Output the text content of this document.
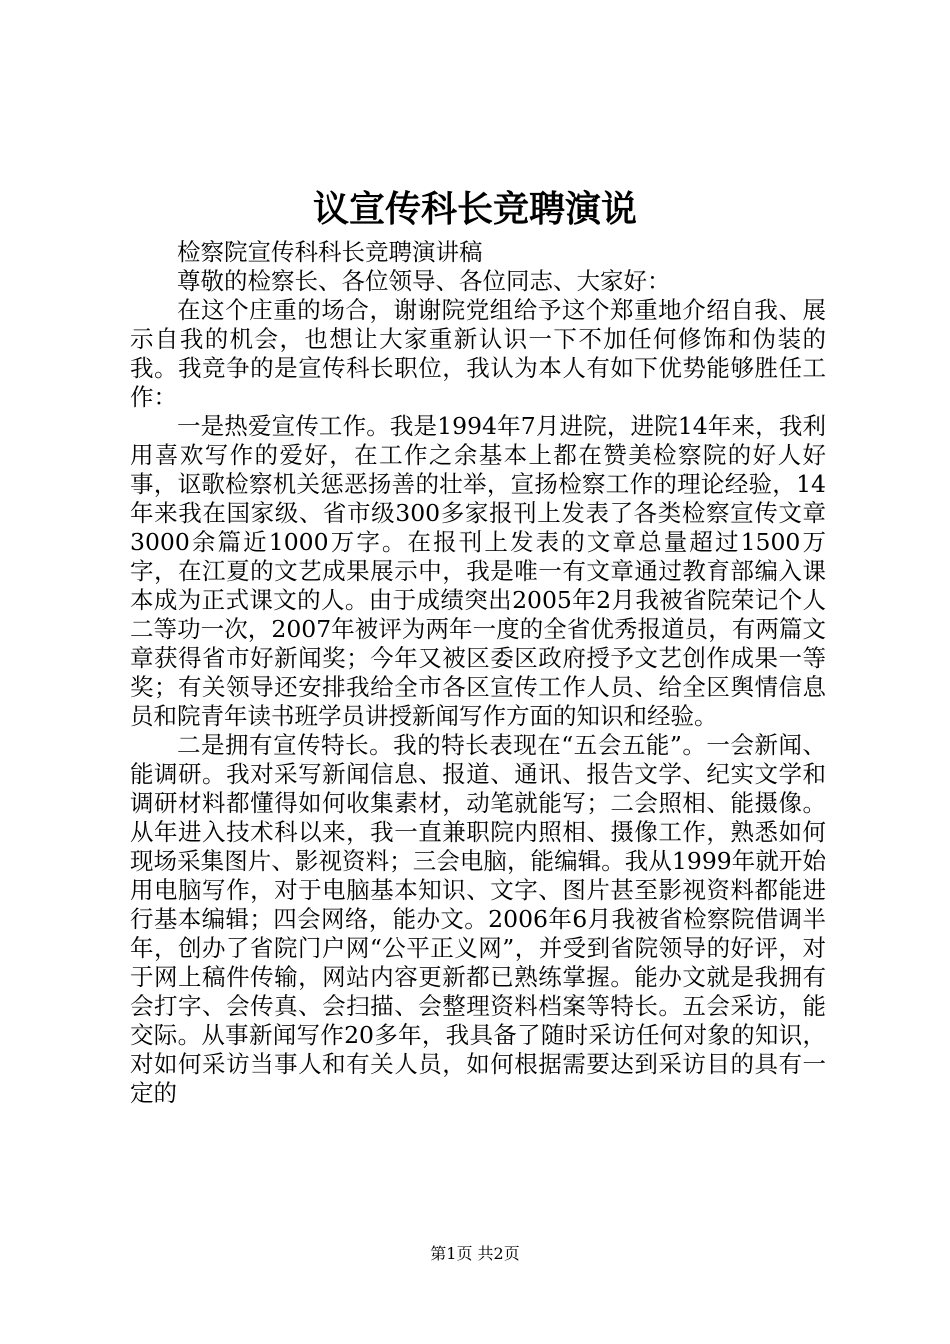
议宣传科长竞聘演说

检察院宣传科科长竞聘演讲稿

尊敬的检察长、各位领导、各位同志、大家好：

在这个庄重的场合，谢谢院党组给予这个郑重地介绍自我、展示自我的机会，也想让大家重新认识一下不加任何修饰和伪装的我。我竞争的是宣传科长职位，我认为本人有如下优势能够胜任工作：

一是热爱宣传工作。我是1994年7月进院，进院14年来，我利用喜欢写作的爱好，在工作之余基本上都在赞美检察院的好人好事，讴歌检察机关惩恶扬善的壮举，宣扬检察工作的理论经验，14年来我在国家级、省市级300多家报刊上发表了各类检察宣传文章3000余篇近1000万字。在报刊上发表的文章总量超过1500万字，在江夏的文艺成果展示中，我是唯一有文章通过教育部编入课本成为正式课文的人。由于成绩突出2005年2月我被省院荣记个人二等功一次，2007年被评为两年一度的全省优秀报道员，有两篇文章获得省市好新闻奖；今年又被区委区政府授予文艺创作成果一等奖；有关领导还安排我给全市各区宣传工作人员、给全区舆情信息员和院青年读书班学员讲授新闻写作方面的知识和经验。

二是拥有宣传特长。我的特长表现在“五会五能”。一会新闻、能调研。我对采写新闻信息、报道、通讯、报告文学、纪实文学和调研材料都懂得如何收集素材，动笔就能写；二会照相、能摄像。从年进入技术科以来，我一直兼职院内照相、摄像工作，熟悉如何现场采集图片、影视资料；三会电脑，能编辑。我从1999年就开始用电脑写作，对于电脑基本知识、文字、图片甚至影视资料都能进行基本编辑；四会网络，能办文。2006年6月我被省检察院借调半年，创办了省院门户网“公平正义网”，并受到省院领导的好评，对于网上稿件传输，网站内容更新都已熟练掌握。能办文就是我拥有会打字、会传真、会扫描、会整理资料档案等特长。五会采访，能交际。从事新闻写作20多年，我具备了随时采访任何对象的知识，对如何采访当事人和有关人员，如何根据需要达到采访目的具有一定的

第1页 共2页
